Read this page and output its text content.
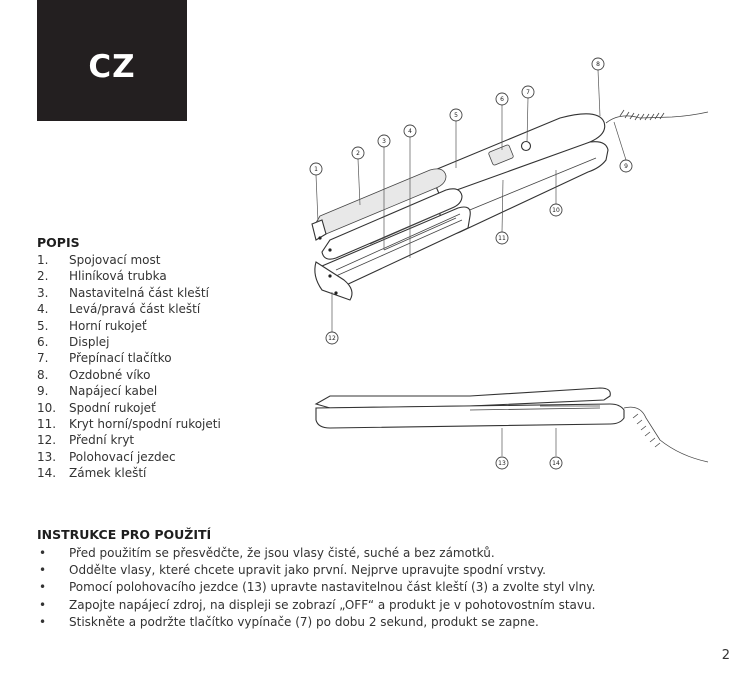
CZ
1
2
3
4
5
6
7
8
9
10
11
12
13	14
POPIS
1.	Spojovací most
2.	Hliníková trubka
3.	Nastavitelná část kleští
4.	Levá/pravá část kleští
5.	Horní rukojeť
6.	Displej
7.	Přepínací tlačítko
8.	Ozdobné víko
9.	Napájecí kabel
10.	Spodní rukojeť
11.	Kryt horní/spodní rukojeti
12.	Přední kryt
13.	Polohovací jezdec
14.	Zámek kleští
INSTRUKCE PRO POUŽITÍ
•	Před použitím se přesvědčte, že jsou vlasy čisté, suché a bez zámotků.
•	Oddělte vlasy, které chcete upravit jako první. Nejprve upravujte spodní vrstvy.
•	Pomocí polohovacího jezdce (13) upravte nastavitelnou část kleští (3) a zvolte styl vlny.
•	Zapojte napájecí zdroj, na displeji se zobrazí „OFF“ a produkt je v pohotovostním stavu.
•	Stiskněte a podržte tlačítko vypínače (7) po dobu 2 sekund, produkt se zapne.
2
